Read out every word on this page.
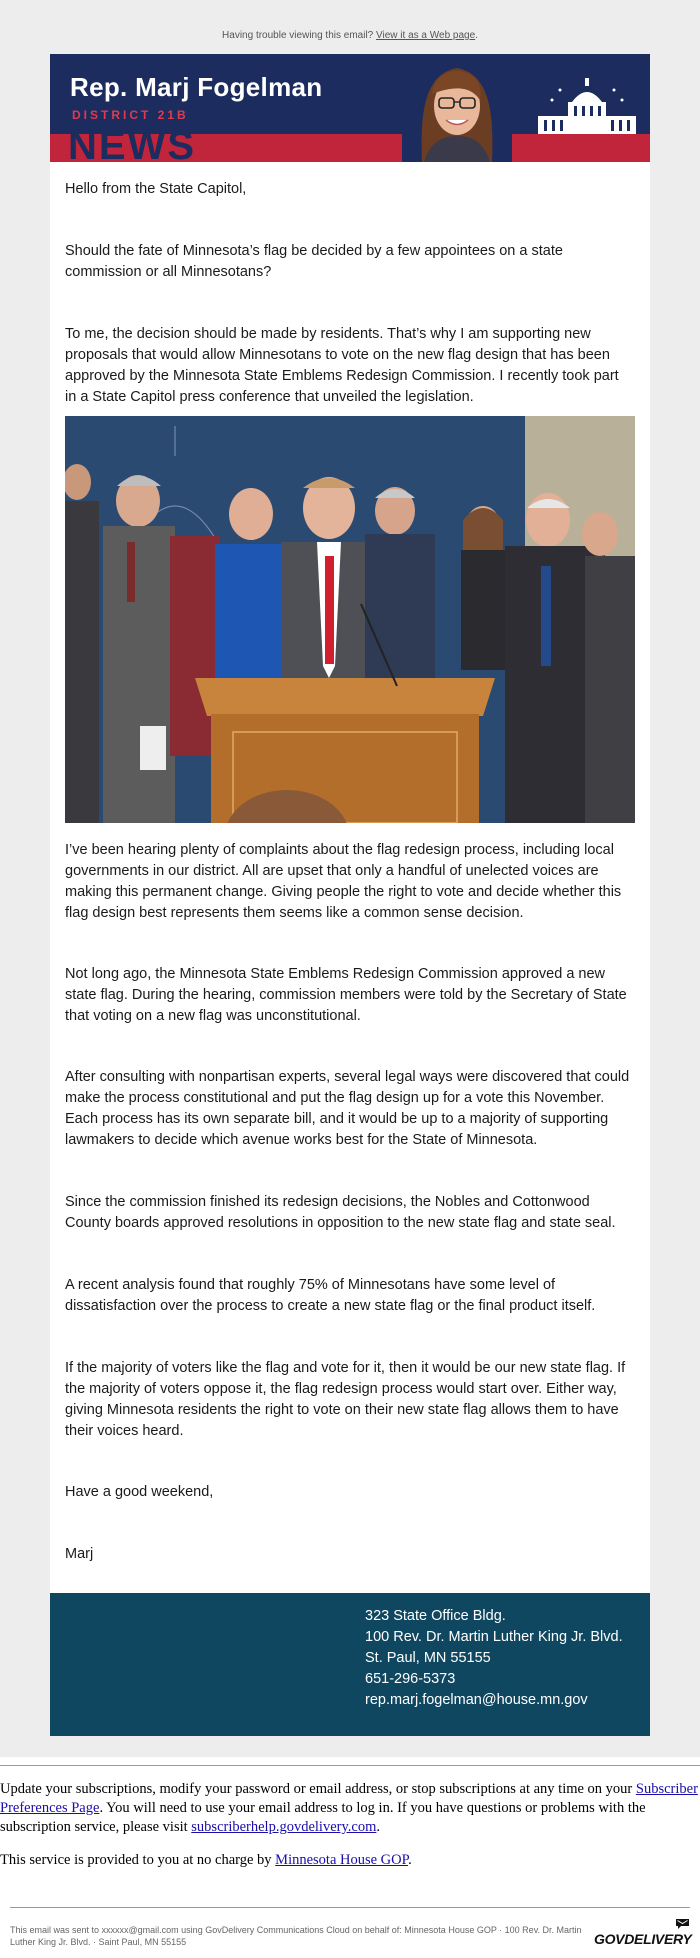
Having trouble viewing this email? View it as a Web page.
NEWS
Rep. Marj Fogelman
DISTRICT 21B

Hello from the State Capitol,

Should the fate of Minnesota’s flag be decided by a few appointees on a state commission or all Minnesotans?

To me, the decision should be made by residents. That’s why I am supporting new proposals that would allow Minnesotans to vote on the new flag design that has been approved by the Minnesota State Emblems Redesign Commission. I recently took part in a State Capitol press conference that unveiled the legislation.

I’ve been hearing plenty of complaints about the flag redesign process, including local governments in our district. All are upset that only a handful of unelected voices are making this permanent change. Giving people the right to vote and decide whether this flag design best represents them seems like a common sense decision.

Not long ago, the Minnesota State Emblems Redesign Commission approved a new state flag. During the hearing, commission members were told by the Secretary of State that voting on a new flag was unconstitutional.

After consulting with nonpartisan experts, several legal ways were discovered that could make the process constitutional and put the flag design up for a vote this November. Each process has its own separate bill, and it would be up to a majority of supporting lawmakers to decide which avenue works best for the State of Minnesota.

Since the commission finished its redesign decisions, the Nobles and Cottonwood County boards approved resolutions in opposition to the new state flag and state seal.

A recent analysis found that roughly 75% of Minnesotans have some level of dissatisfaction over the process to create a new state flag or the final product itself.

If the majority of voters like the flag and vote for it, then it would be our new state flag. If the majority of voters oppose it, the flag redesign process would start over. Either way, giving Minnesota residents the right to vote on their new state flag allows them to have their voices heard.

Have a good weekend,

Marj

323 State Office Bldg.
100 Rev. Dr. Martin Luther King Jr. Blvd.
St. Paul, MN 55155
651-296-5373
rep.marj.fogelman@house.mn.gov

Update your subscriptions, modify your password or email address, or stop subscriptions at any time on your Subscriber Preferences Page. You will need to use your email address to log in. If you have questions or problems with the subscription service, please visit subscriberhelp.govdelivery.com.

This service is provided to you at no charge by Minnesota House GOP.

This email was sent to xxxxxx@gmail.com using GovDelivery Communications Cloud on behalf of: Minnesota House GOP · 100 Rev. Dr. Martin Luther King Jr. Blvd. · Saint Paul, MN 55155	GOVDELIVERY
